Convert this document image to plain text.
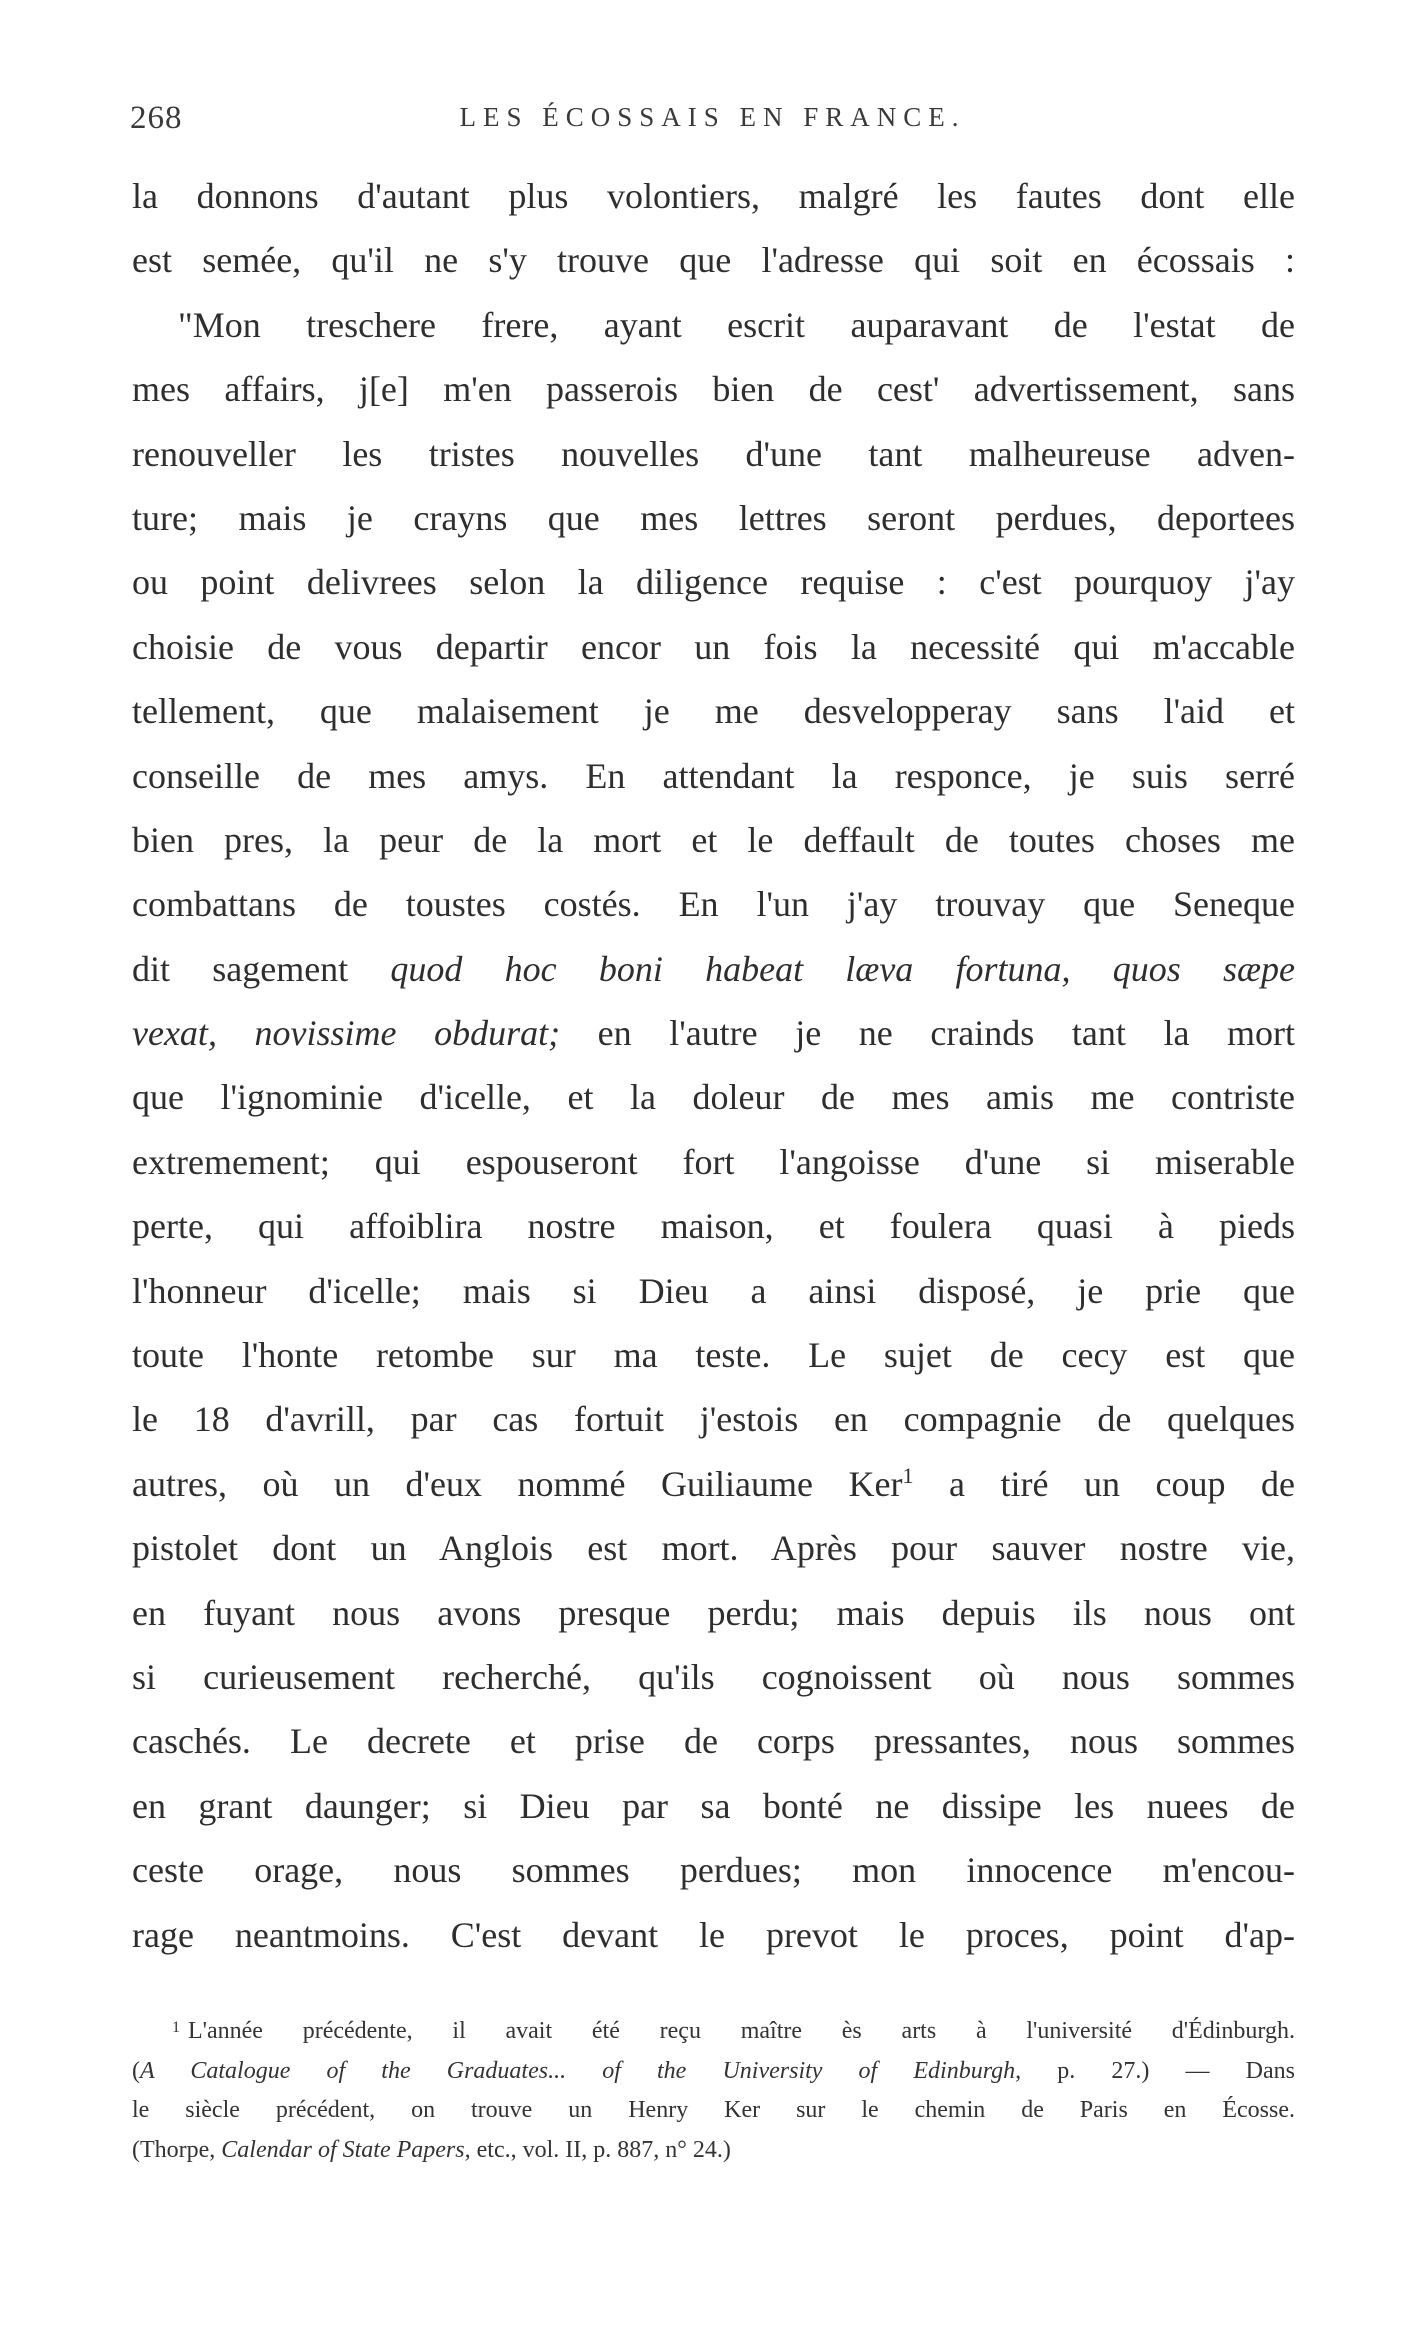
268	LES ÉCOSSAIS EN FRANCE.
la donnons d'autant plus volontiers, malgré les fautes dont elle
est semée, qu'il ne s'y trouve que l'adresse qui soit en écossais :
"Mon treschere frere, ayant escrit auparavant de l'estat de
mes affairs, j[e] m'en passerois bien de cest' advertissement, sans
renouveller les tristes nouvelles d'une tant malheureuse adven-
ture; mais je crayns que mes lettres seront perdues, deportees
ou point delivrees selon la diligence requise : c'est pourquoy j'ay
choisie de vous departir encor un fois la necessité qui m'accable
tellement, que malaisement je me desvelopperay sans l'aid et
conseille de mes amys. En attendant la responce, je suis serré
bien pres, la peur de la mort et le deffault de toutes choses me
combattans de toustes costés. En l'un j'ay trouvay que Seneque
dit sagement quod hoc boni habeat læva fortuna, quos sæpe
vexat, novissime obdurat; en l'autre je ne crainds tant la mort
que l'ignominie d'icelle, et la doleur de mes amis me contriste
extremement; qui espouseront fort l'angoisse d'une si miserable
perte, qui affoiblira nostre maison, et foulera quasi à pieds
l'honneur d'icelle; mais si Dieu a ainsi disposé, je prie que
toute l'honte retombe sur ma teste. Le sujet de cecy est que
le 18 d'avrill, par cas fortuit j'estois en compagnie de quelques
autres, où un d'eux nommé Guiliaume Ker$^1$ a tiré un coup de
pistolet dont un Anglois est mort. Après pour sauver nostre vie,
en fuyant nous avons presque perdu; mais depuis ils nous ont
si curieusement recherché, qu'ils cognoissent où nous sommes
caschés. Le decrete et prise de corps pressantes, nous sommes
en grant daunger; si Dieu par sa bonté ne dissipe les nuees de
ceste orage, nous sommes perdues; mon innocence m'encou-
rage neantmoins. C'est devant le prevot le proces, point d'ap-
$^1$ L'année précédente, il avait été reçu maître ès arts à l'université d'Édinburgh.
(A Catalogue of the Graduates... of the University of Edinburgh, p. 27.) — Dans
le siècle précédent, on trouve un Henry Ker sur le chemin de Paris en Écosse.
(Thorpe, Calendar of State Papers, etc., vol. II, p. 887, n° 24.)
